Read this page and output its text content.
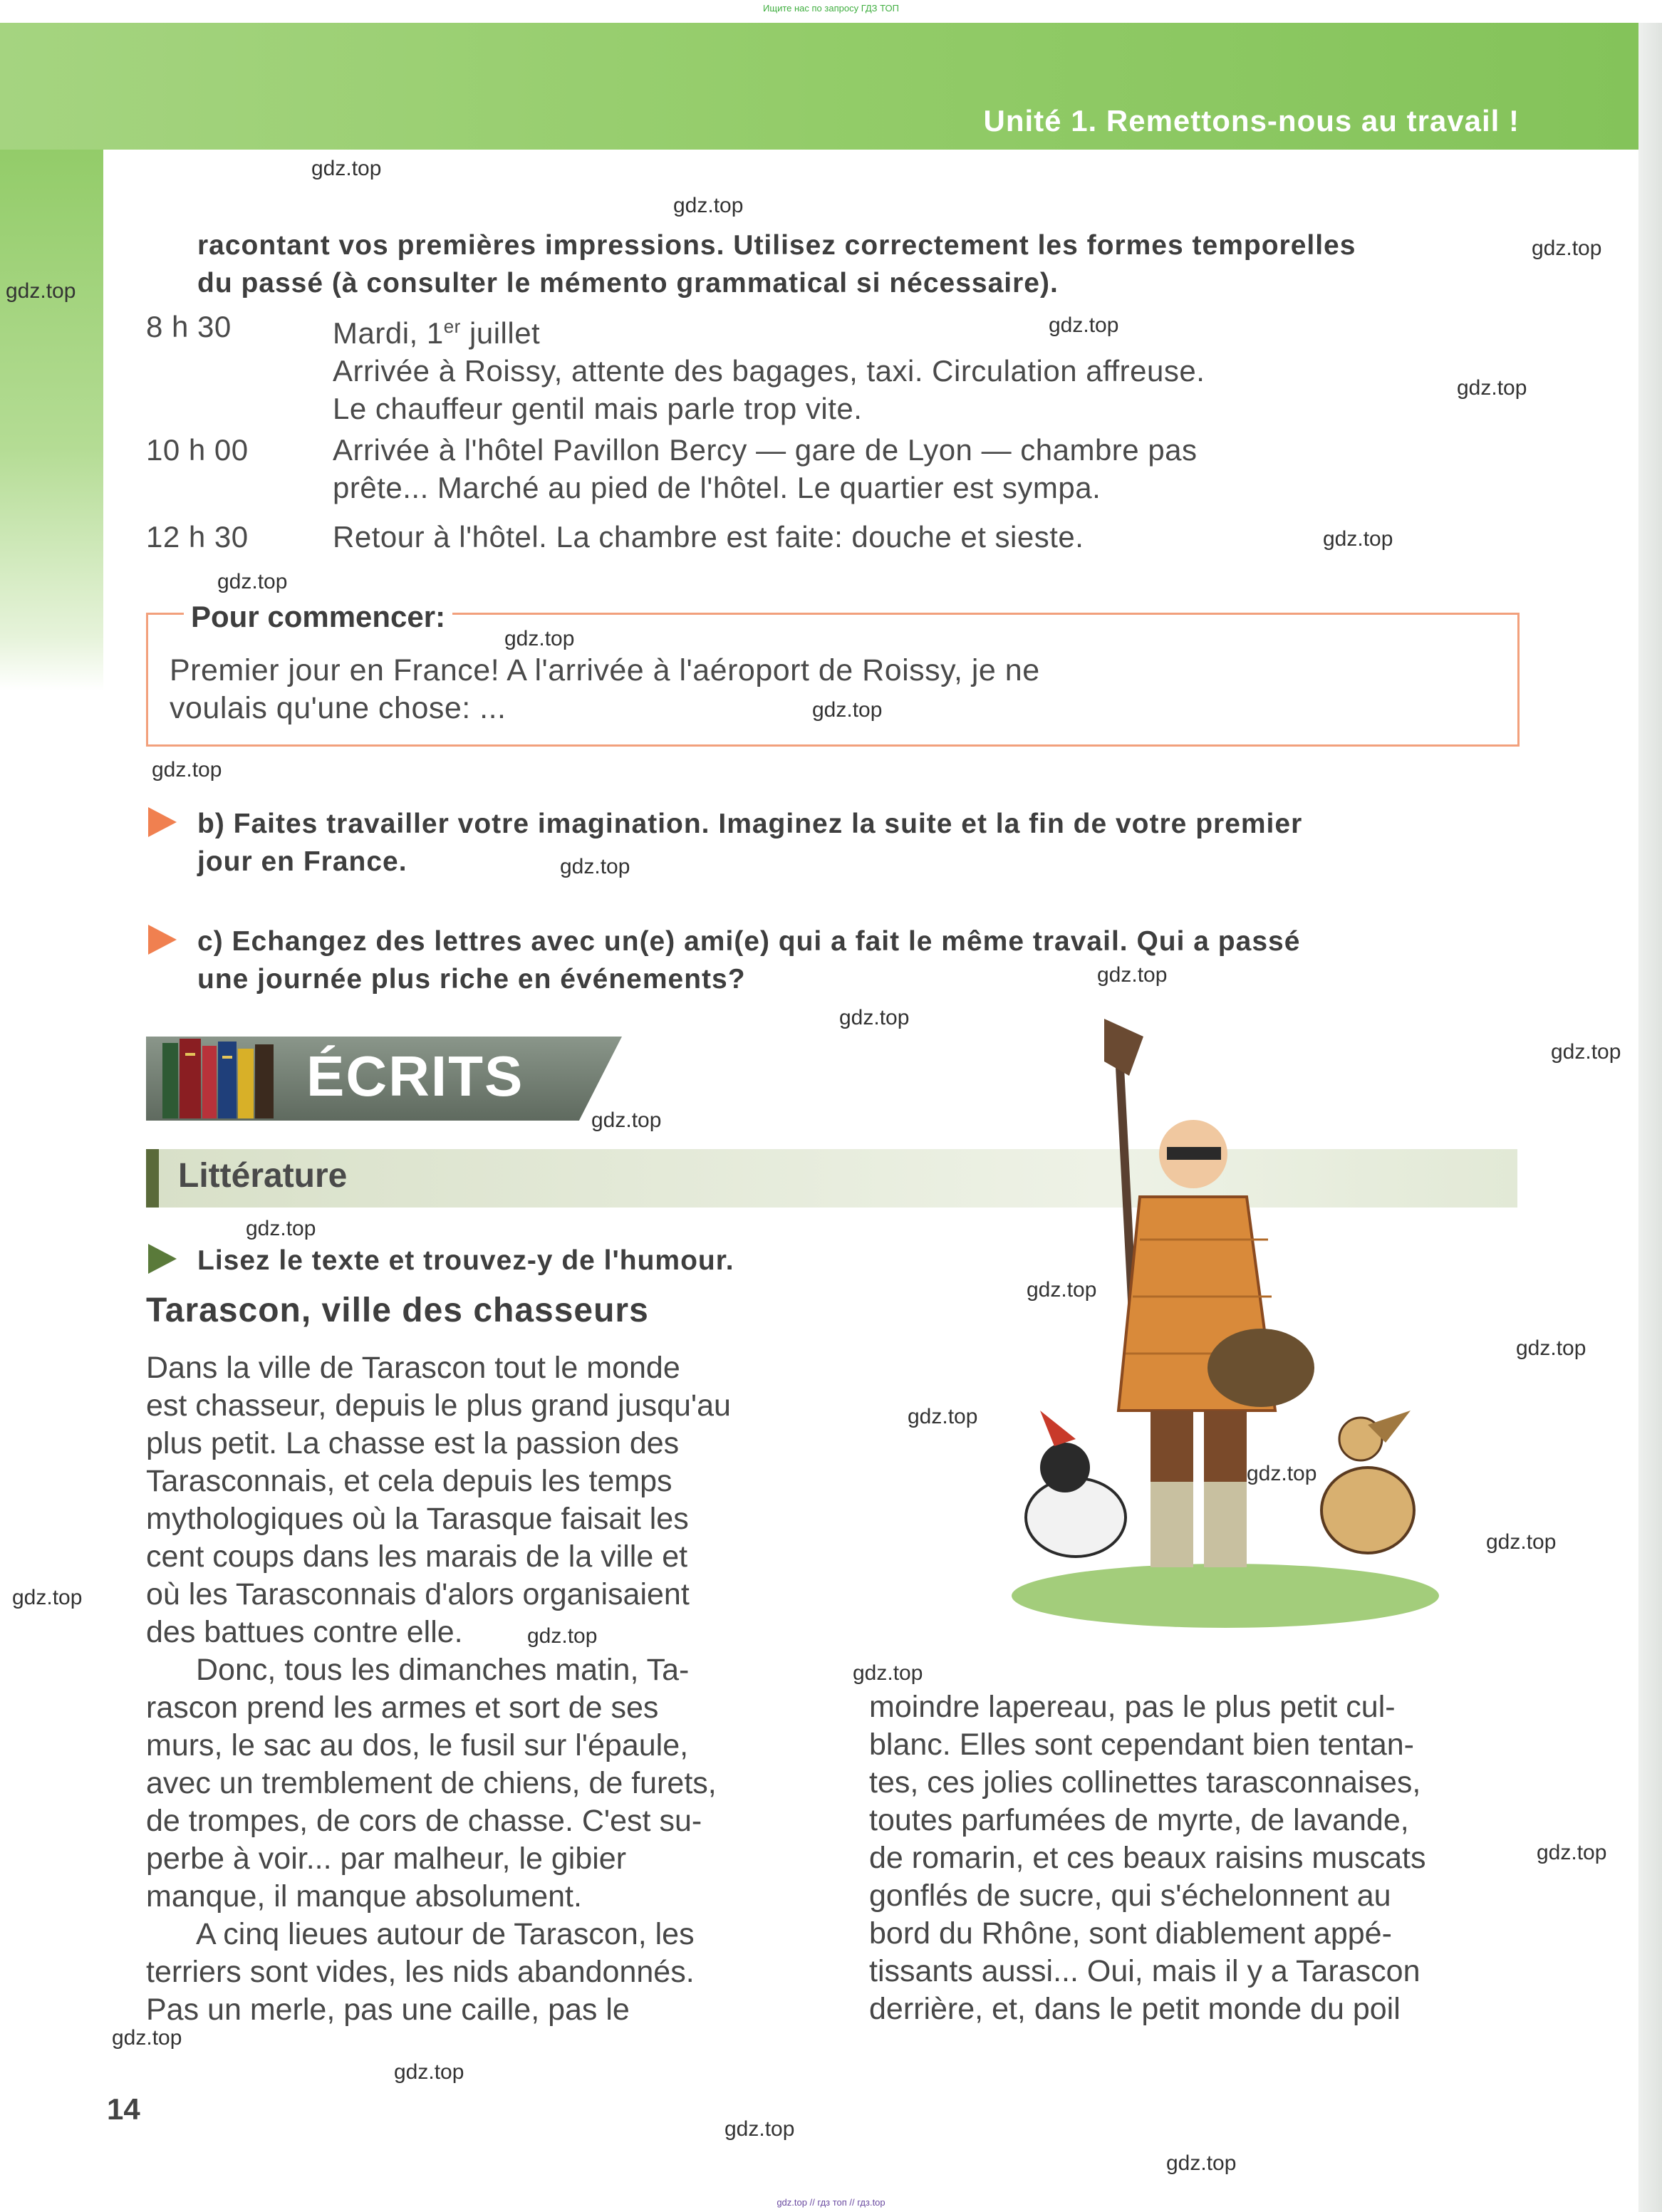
Ищите нас по запросу ГДЗ ТОП
gdz.top // гдз топ // гдз.top
Unité 1. Remettons-nous au travail !
racontant vos premières impressions. Utilisez correctement les formes temporelles
du passé (à consulter le mémento grammatical si nécessaire).
8 h 30	Mardi, 1er juillet
Arrivée à Roissy, attente des bagages, taxi. Circulation affreuse.
Le chauffeur gentil mais parle trop vite.
10 h 00	Arrivée à l'hôtel Pavillon Bercy — gare de Lyon — chambre pas
prête... Marché au pied de l'hôtel. Le quartier est sympa.
12 h 30	Retour à l'hôtel. La chambre est faite: douche et sieste.
Pour commencer:
Premier jour en France! A l'arrivée à l'aéroport de Roissy, je ne
voulais qu'une chose: ...
b) Faites travailler votre imagination. Imaginez la suite et la fin de votre premier
jour en France.
c) Echangez des lettres avec un(e) ami(e) qui a fait le même travail. Qui a passé
une journée plus riche en événements?
ÉCRITS
Littérature
Lisez le texte et trouvez-y de l'humour.
Tarascon, ville des chasseurs
Dans la ville de Tarascon tout le monde
est chasseur, depuis le plus grand jusqu'au
plus petit. La chasse est la passion des
Tarasconnais, et cela depuis les temps
mythologiques où la Tarasque faisait les
cent coups dans les marais de la ville et
où les Tarasconnais d'alors organisaient
des battues contre elle.
Donc, tous les dimanches matin, Ta-
rascon prend les armes et sort de ses
murs, le sac au dos, le fusil sur l'épaule,
avec un tremblement de chiens, de furets,
de trompes, de cors de chasse. C'est su-
perbe à voir... par malheur, le gibier
manque, il manque absolument.
A cinq lieues autour de Tarascon, les
terriers sont vides, les nids abandonnés.
Pas un merle, pas une caille, pas le
moindre lapereau, pas le plus petit cul-
blanc. Elles sont cependant bien tentan-
tes, ces jolies collinettes tarasconnaises,
toutes parfumées de myrte, de lavande,
de romarin, et ces beaux raisins muscats
gonflés de sucre, qui s'échelonnent au
bord du Rhône, sont diablement appé-
tissants aussi... Oui, mais il y a Tarascon
derrière, et, dans le petit monde du poil
gdz.top
gdz.top
gdz.top
gdz.top
gdz.top
gdz.top
gdz.top
gdz.top
gdz.top
gdz.top
gdz.top
gdz.top
gdz.top
gdz.top
gdz.top
gdz.top
gdz.top
gdz.top
gdz.top
gdz.top
gdz.top
gdz.top
gdz.top
gdz.top
gdz.top
gdz.top
gdz.top
gdz.top
gdz.top
gdz.top
14
